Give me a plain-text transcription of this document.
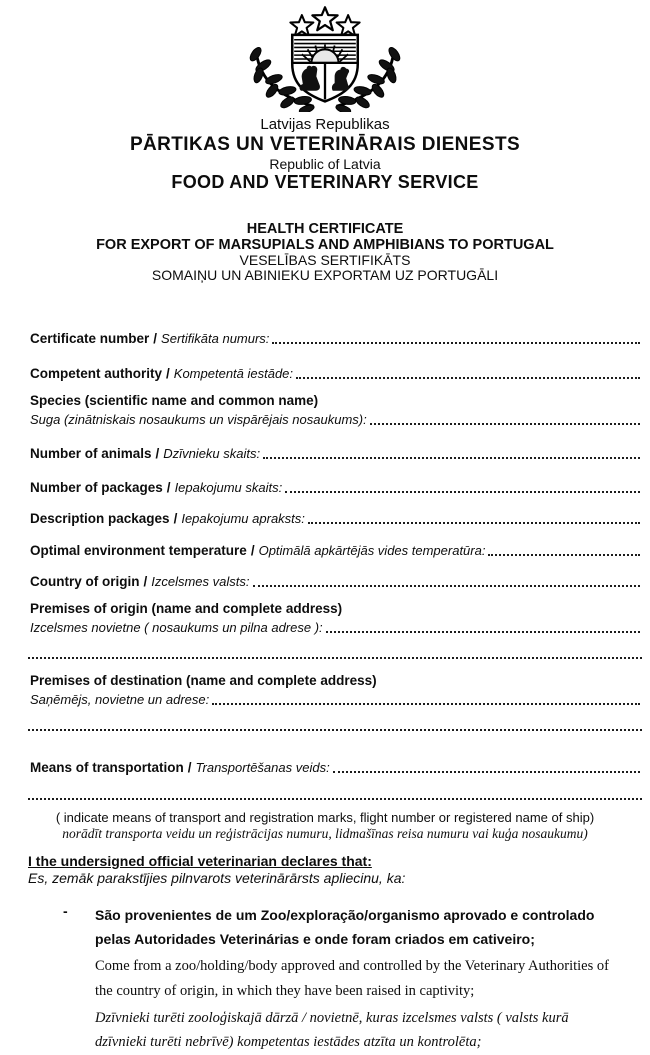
Latvijas Republikas
PĀRTIKAS UN VETERINĀRAIS DIENESTS
Republic of Latvia
FOOD AND VETERINARY SERVICE
HEALTH CERTIFICATE
FOR EXPORT OF MARSUPIALS AND AMPHIBIANS TO PORTUGAL
VESELĪBAS SERTIFIKĀTS
SOMAIŅU UN ABINIEKU EXPORTAM UZ PORTUGĀLI
Certificate number / Sertifikāta numurs:
Competent authority / Kompetentā iestāde:
Species (scientific name and common name)
Suga (zinātniskais nosaukums un vispārējais nosaukums):
Number of animals / Dzīvnieku skaits:
Number of packages / Iepakojumu skaits:
Description packages / Iepakojumu apraksts:
Optimal environment temperature / Optimālā apkārtējās vides temperatūra:
Country of origin / Izcelsmes valsts:
Premises of origin (name and complete address)
Izcelsmes novietne ( nosaukums un pilna adrese ):
Premises of destination (name and complete address)
Saņēmējs, novietne un adrese:
Means of transportation / Transportēšanas veids:
( indicate means of transport and registration marks, flight number or registered name of ship)
norādīt transporta veidu un reģistrācijas numuru, lidmašīnas reisa numuru vai kuģa nosaukumu)
I the undersigned official veterinarian declares that:
Es, zemāk parakstījies pilnvarots veterinārārsts apliecinu, ka:
-	São provenientes de um Zoo/exploração/organismo aprovado e controlado pelas Autoridades Veterinárias e onde foram criados em cativeiro;

Come from a zoo/holding/body approved and controlled by the Veterinary Authorities of the country of origin, in which they have been raised in captivity;

Dzīvnieki turēti zooloģiskajā dārzā / novietnē, kuras izcelsmes valsts ( valsts kurā dzīvnieki turēti nebrīvē) kompetentas iestādes atzīta un kontrolēta;
